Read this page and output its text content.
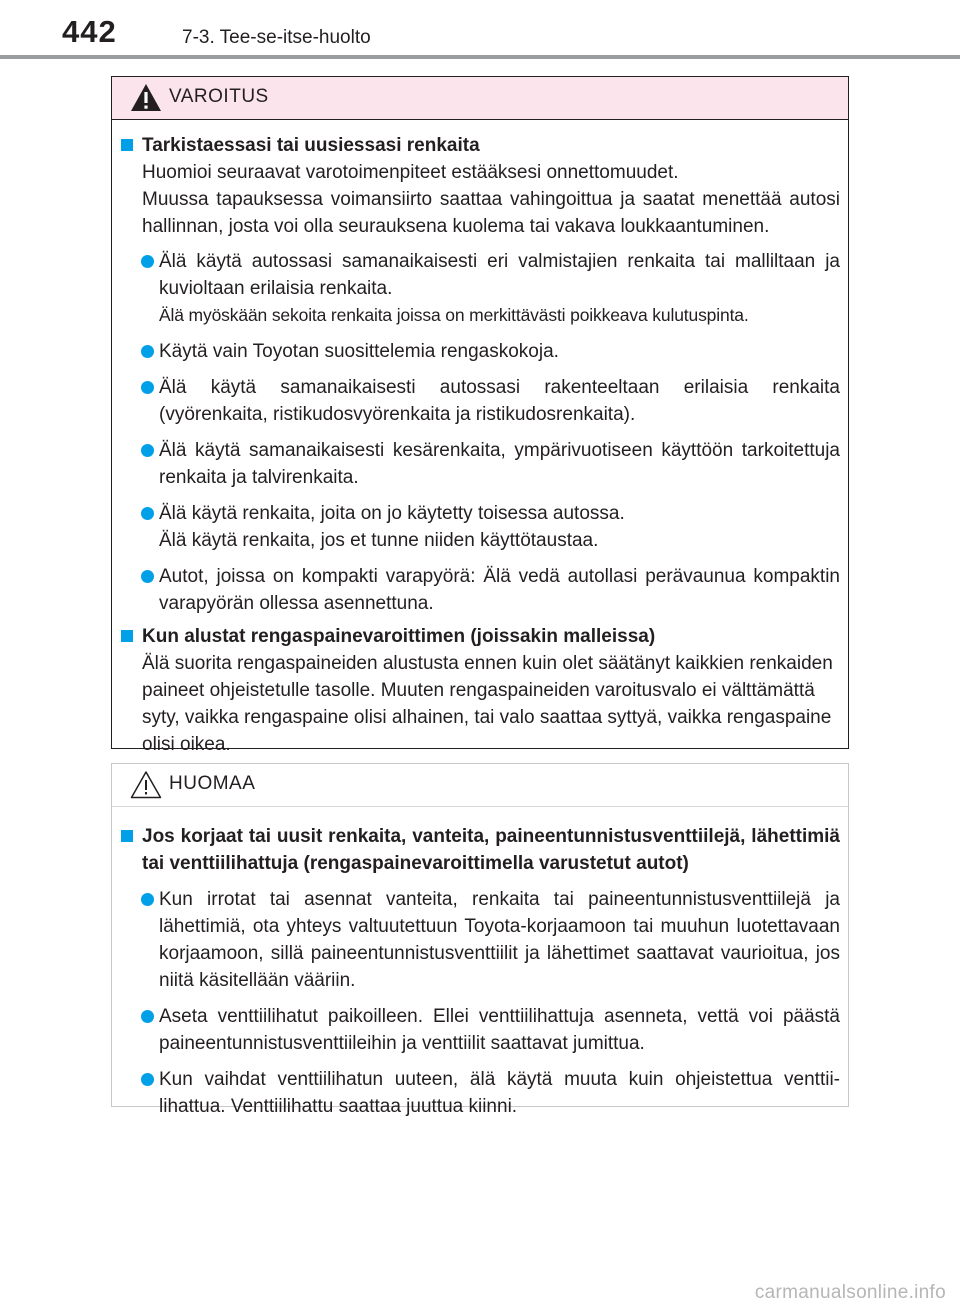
442	7-3. Tee-se-itse-huolto
VAROITUS
Tarkistaessasi tai uusiessasi renkaita
Huomioi seuraavat varotoimenpiteet estääksesi onnettomuudet.
Muussa tapauksessa voimansiirto saattaa vahingoittua ja saatat menettää autosi hallinnan, josta voi olla seurauksena kuolema tai vakava loukkaantuminen.
Älä käytä autossasi samanaikaisesti eri valmistajien renkaita tai malliltaan ja kuvioltaan erilaisia renkaita.
Älä myöskään sekoita renkaita joissa on merkittävästi poikkeava kulutuspinta.
Käytä vain Toyotan suosittelemia rengaskokoja.
Älä käytä samanaikaisesti autossasi rakenteeltaan erilaisia renkaita (vyörenkaita, ristikudosvyörenkaita ja ristikudosrenkaita).
Älä käytä samanaikaisesti kesärenkaita, ympärivuotiseen käyttöön tarkoitettuja renkaita ja talvirenkaita.
Älä käytä renkaita, joita on jo käytetty toisessa autossa.
Älä käytä renkaita, jos et tunne niiden käyttötaustaa.
Autot, joissa on kompakti varapyörä: Älä vedä autollasi perävaunua kompaktin varapyörän ollessa asennettuna.
Kun alustat rengaspainevaroittimen (joissakin malleissa)
Älä suorita rengaspaineiden alustusta ennen kuin olet säätänyt kaikkien renkaiden paineet ohjeistetulle tasolle. Muuten rengaspaineiden varoitusvalo ei välttämättä syty, vaikka rengaspaine olisi alhainen, tai valo saattaa syttyä, vaikka rengaspaine olisi oikea.
HUOMAA
Jos korjaat tai uusit renkaita, vanteita, paineentunnistusventtiilejä, lähettimiä tai venttiilihattuja (rengaspainevaroittimella varustetut autot)
Kun irrotat tai asennat vanteita, renkaita tai paineentunnistusventtiilejä ja lähettimiä, ota yhteys valtuutettuun Toyota-korjaamoon tai muuhun luotettavaan korjaamoon, sillä paineentunnistusventtiilit ja lähettimet saattavat vaurioitua, jos niitä käsitellään vääriin.
Aseta venttiilihatut paikoilleen. Ellei venttiilihattuja asenneta, vettä voi päästä paineentunnistusventtiileihin ja venttiilit saattavat jumittua.
Kun vaihdat venttiilihatun uuteen, älä käytä muuta kuin ohjeistettua venttiilihattua. Venttiilihattu saattaa juuttua kiinni.
carmanualsonline.info
